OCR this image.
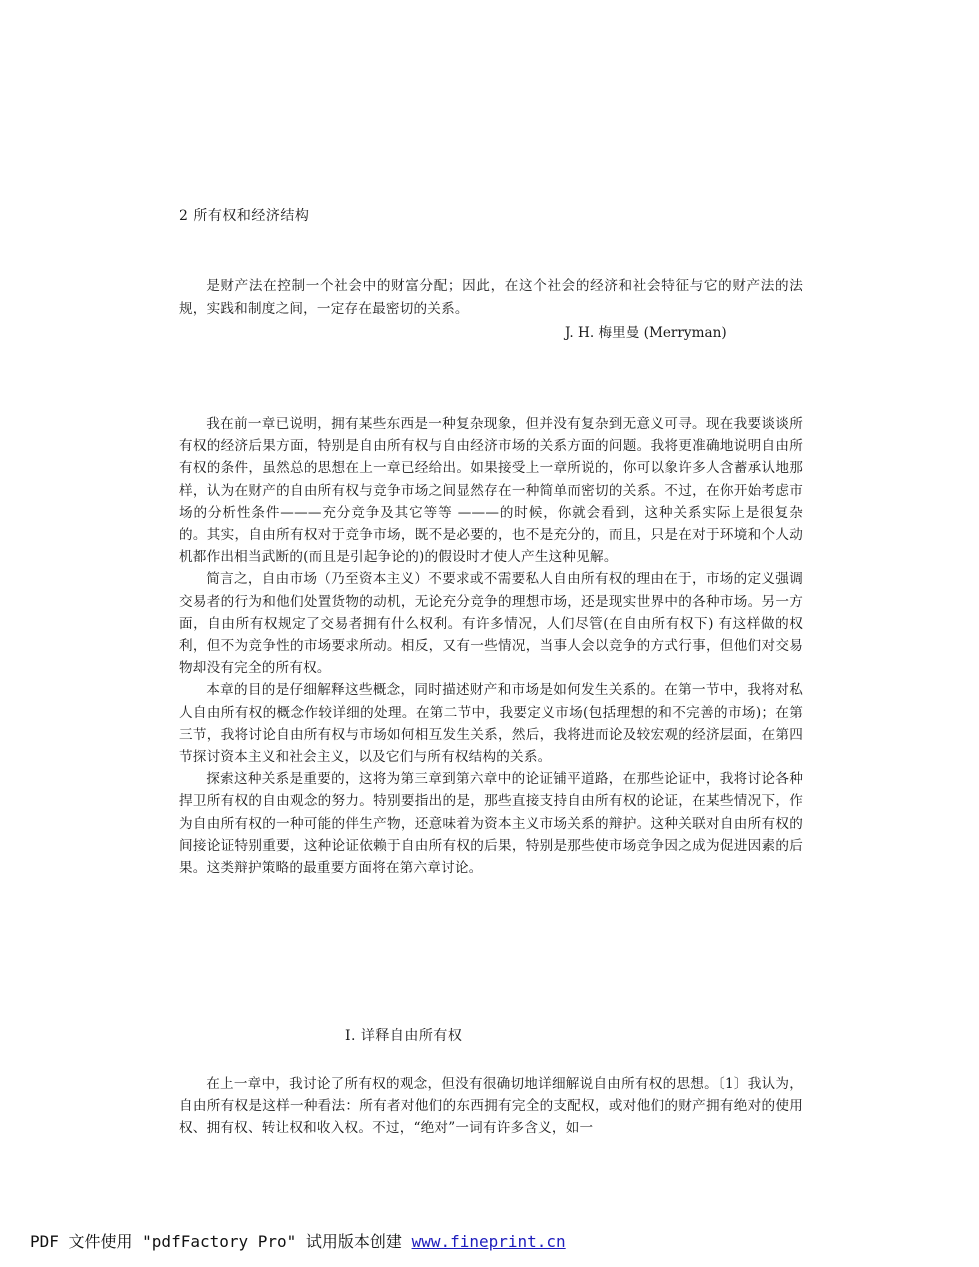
2 所有权和经济结构

是财产法在控制一个社会中的财富分配；因此，在这个社会的经济和社会特征与它的财产法的法规，实践和制度之间，一定存在最密切的关系。

J. H. 梅里曼 (Merryman)

我在前一章已说明，拥有某些东西是一种复杂现象，但并没有复杂到无意义可寻。现在我要谈谈所有权的经济后果方面，特别是自由所有权与自由经济市场的关系方面的问题。我将更准确地说明自由所有权的条件，虽然总的思想在上一章已经给出。如果接受上一章所说的，你可以象许多人含蓄承认地那样，认为在财产的自由所有权与竞争市场之间显然存在一种简单而密切的关系。不过，在你开始考虑市场的分析性条件———充分竞争及其它等等 ———的时候，你就会看到，这种关系实际上是很复杂的。其实，自由所有权对于竞争市场，既不是必要的，也不是充分的，而且，只是在对于环境和个人动机都作出相当武断的(而且是引起争论的)的假设时才使人产生这种见解。

简言之，自由市场（乃至资本主义）不要求或不需要私人自由所有权的理由在于，市场的定义强调交易者的行为和他们处置货物的动机，无论充分竞争的理想市场，还是现实世界中的各种市场。另一方面，自由所有权规定了交易者拥有什么权利。有许多情况，人们尽管(在自由所有权下) 有这样做的权利，但不为竞争性的市场要求所动。相反，又有一些情况，当事人会以竞争的方式行事，但他们对交易物却没有完全的所有权。

本章的目的是仔细解释这些概念，同时描述财产和市场是如何发生关系的。在第一节中，我将对私人自由所有权的概念作较详细的处理。在第二节中，我要定义市场(包括理想的和不完善的市场)；在第三节，我将讨论自由所有权与市场如何相互发生关系，然后，我将进而论及较宏观的经济层面，在第四节探讨资本主义和社会主义，以及它们与所有权结构的关系。

探索这种关系是重要的，这将为第三章到第六章中的论证铺平道路，在那些论证中，我将讨论各种捍卫所有权的自由观念的努力。特别要指出的是，那些直接支持自由所有权的论证，在某些情况下，作为自由所有权的一种可能的伴生产物，还意味着为资本主义市场关系的辩护。这种关联对自由所有权的间接论证特别重要，这种论证依赖于自由所有权的后果，特别是那些使市场竞争因之成为促进因素的后果。这类辩护策略的最重要方面将在第六章讨论。

I. 详释自由所有权

在上一章中，我讨论了所有权的观念，但没有很确切地详细解说自由所有权的思想。〔1〕我认为，自由所有权是这样一种看法：所有者对他们的东西拥有完全的支配权，或对他们的财产拥有绝对的使用权、拥有权、转让权和收入权。不过，“绝对”一词有许多含义，如一

PDF 文件使用 "pdfFactory Pro" 试用版本创建 www.fineprint.cn
